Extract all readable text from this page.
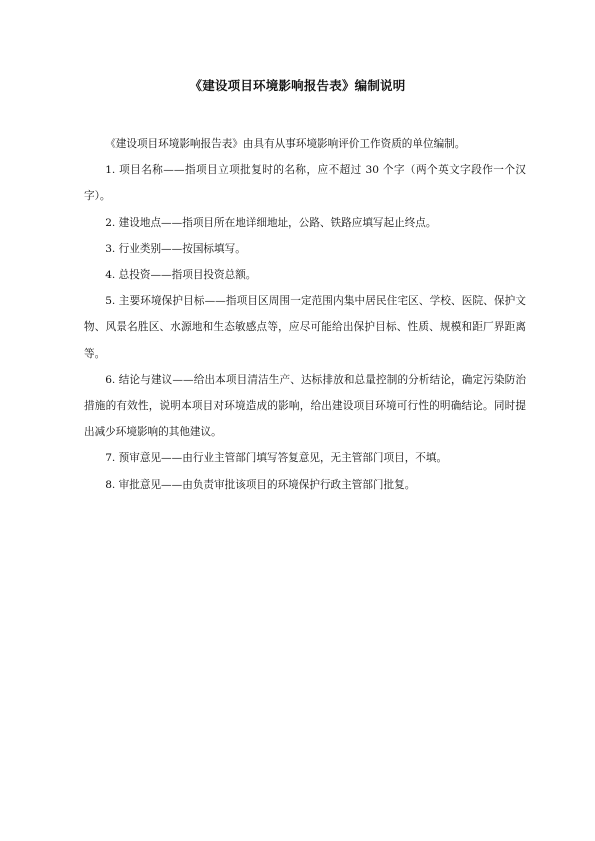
《建设项目环境影响报告表》编制说明

《建设项目环境影响报告表》由具有从事环境影响评价工作资质的单位编制。

1. 项目名称——指项目立项批复时的名称，应不超过 30 个字（两个英文字段作一个汉字）。

2. 建设地点——指项目所在地详细地址，公路、铁路应填写起止终点。

3. 行业类别——按国标填写。

4. 总投资——指项目投资总额。

5. 主要环境保护目标——指项目区周围一定范围内集中居民住宅区、学校、医院、保护文物、风景名胜区、水源地和生态敏感点等，应尽可能给出保护目标、性质、规模和距厂界距离等。

6. 结论与建议——给出本项目清洁生产、达标排放和总量控制的分析结论，确定污染防治措施的有效性，说明本项目对环境造成的影响，给出建设项目环境可行性的明确结论。同时提出减少环境影响的其他建议。

7. 预审意见——由行业主管部门填写答复意见，无主管部门项目，不填。

8. 审批意见——由负责审批该项目的环境保护行政主管部门批复。
